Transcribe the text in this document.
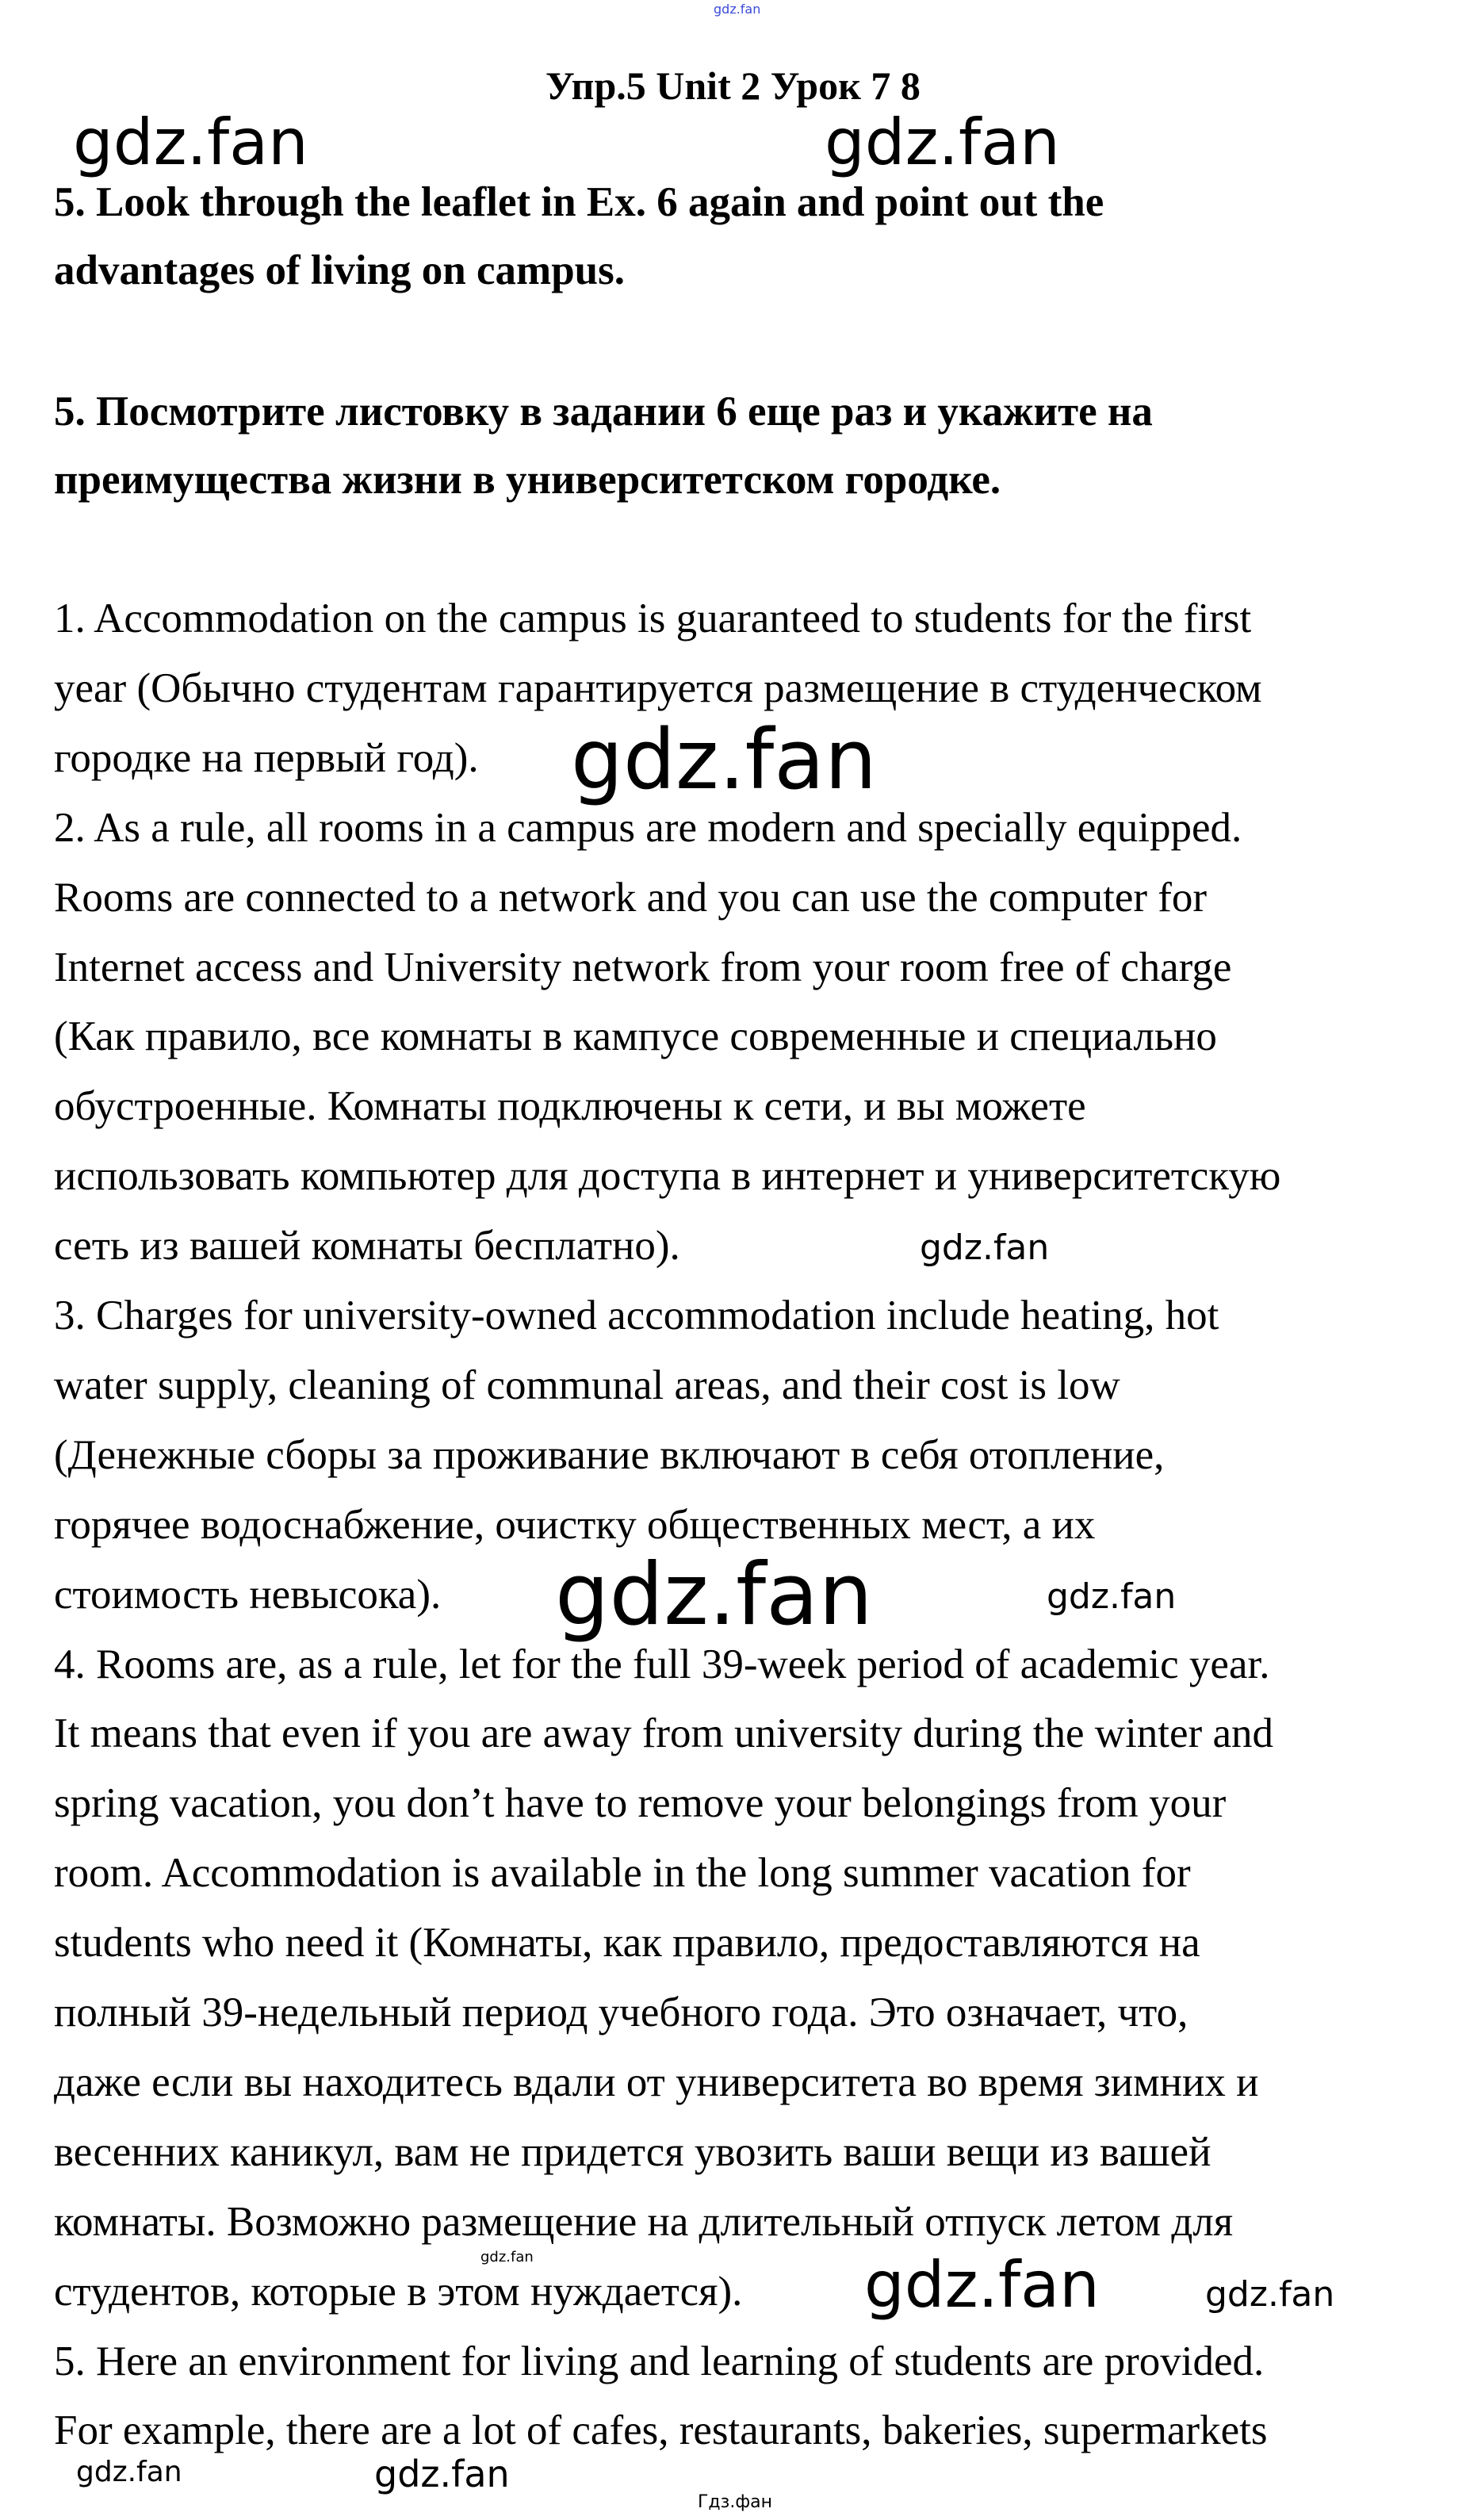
gdz.fan
Упр.5 Unit 2 Урок 7 8
5. Look through the leaflet in Ex. 6 again and point out the
advantages of living on campus.
5. Посмотрите листовку в задании 6 еще раз и укажите на
преимущества жизни в университетском городке.
1. Accommodation on the campus is guaranteed to students for the first
year (Обычно студентам гарантируется размещение в студенческом
городке на первый год).
2. As a rule, all rooms in a campus are modern and specially equipped.
Rooms are connected to a network and you can use the computer for
Internet access and University network from your room free of charge
(Как правило, все комнаты в кампусе современные и специально
обустроенные. Комнаты подключены к сети, и вы можете
использовать компьютер для доступа в интернет и университетскую
сеть из вашей комнаты бесплатно).
3. Charges for university-owned accommodation include heating, hot
water supply, cleaning of communal areas, and their cost is low
(Денежные сборы за проживание включают в себя отопление,
горячее водоснабжение, очистку общественных мест, а их
стоимость невысока).
4. Rooms are, as a rule, let for the full 39-week period of academic year.
It means that even if you are away from university during the winter and
spring vacation, you don’t have to remove your belongings from your
room. Accommodation is available in the long summer vacation for
students who need it (Комнаты, как правило, предоставляются на
полный 39-недельный период учебного года. Это означает, что,
даже если вы находитесь вдали от университета во время зимних и
весенних каникул, вам не придется увозить ваши вещи из вашей
комнаты. Возможно размещение на длительный отпуск летом для
студентов, которые в этом нуждается).
5. Here an environment for living and learning of students are provided.
For example, there are a lot of cafes, restaurants, bakeries, supermarkets
gdz.fan	gdz.fan
gdz.fan
gdz.fan
gdz.fan	gdz.fan
gdz.fan	gdz.fan	gdz.fan
gdz.fan	gdz.fan
Гдз.фан
